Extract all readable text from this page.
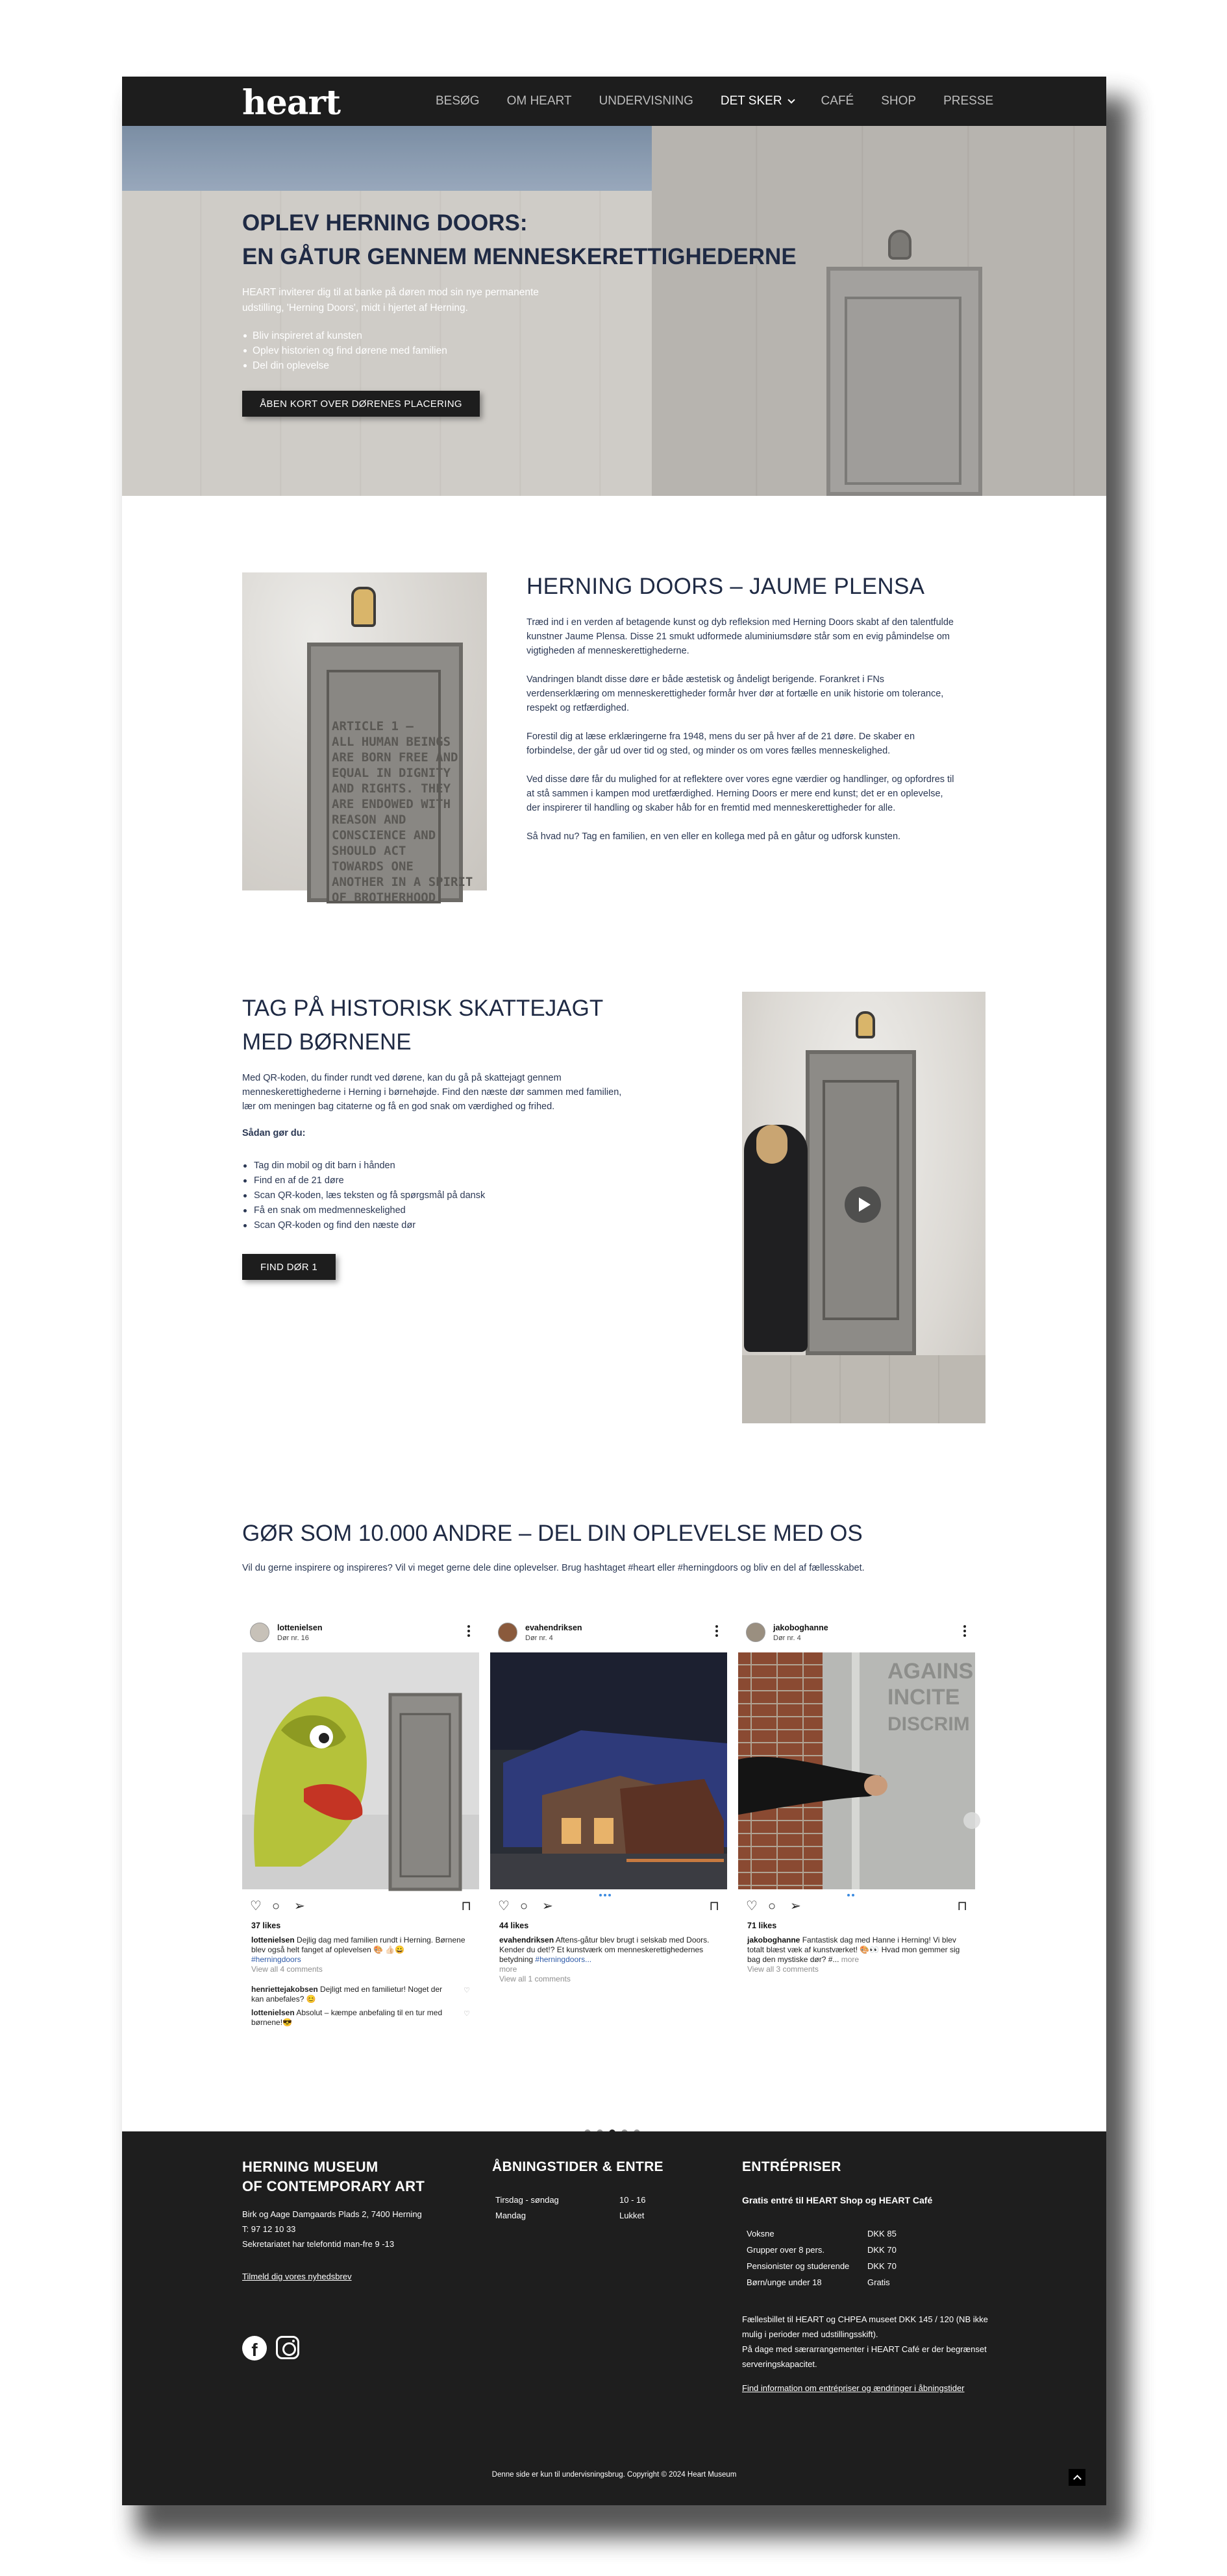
heart	BESØG OM HEART UNDERVISNING DET SKER	CAFÉ SHOP PRESSE
OPLEV HERNING DOORS:
EN GÅTUR GENNEM MENNESKERETTIGHEDERNE
HEART inviterer dig til at banke på døren mod sin nye permanente udstilling, 'Herning Doors', midt i hjertet af Herning.
Bliv inspireret af kunsten
Oplev historien og find dørene med familien
Del din oplevelse
ÅBEN KORT OVER DØRENES PLACERING
ARTICLE 1 –
ALL HUMAN BEINGS
ARE BORN FREE AND
EQUAL IN DIGNITY
AND RIGHTS. THEY
ARE ENDOWED WITH
REASON AND
CONSCIENCE AND
SHOULD ACT
TOWARDS ONE
ANOTHER IN A SPIRIT
OF BROTHERHOOD.
HERNING DOORS – JAUME PLENSA

Træd ind i en verden af betagende kunst og dyb refleksion med Herning Doors skabt af den talentfulde kunstner Jaume Plensa. Disse 21 smukt udformede aluminiumsdøre står som en evig påmindelse om vigtigheden af menneskerettighederne.

Vandringen blandt disse døre er både æstetisk og åndeligt berigende. Forankret i FNs verdenserklæring om menneskerettigheder formår hver dør at fortælle en unik historie om tolerance, respekt og retfærdighed.

Forestil dig at læse erklæringerne fra 1948, mens du ser på hver af de 21 døre. De skaber en forbindelse, der går ud over tid og sted, og minder os om vores fælles menneskelighed.

Ved disse døre får du mulighed for at reflektere over vores egne værdier og handlinger, og opfordres til at stå sammen i kampen mod uretfærdighed. Herning Doors er mere end kunst; det er en oplevelse, der inspirerer til handling og skaber håb for en fremtid med menneskerettigheder for alle.

Så hvad nu? Tag en familien, en ven eller en kollega med på en gåtur og udforsk kunsten.

TAG PÅ HISTORISK SKATTEJAGT
MED BØRNENE
Med QR-koden, du finder rundt ved dørene, kan du gå på skattejagt gennem menneskerettighederne i Herning i børnehøjde. Find den næste dør sammen med familien, lær om meningen bag citaterne og få en god snak om værdighed og frihed.
Sådan gør du:
Tag din mobil og dit barn i hånden
Find en af de 21 døre
Scan QR-koden, læs teksten og få spørgsmål på dansk
Få en snak om medmenneskelighed
Scan QR-koden og find den næste dør
FIND DØR 1
GØR SOM 10.000 ANDRE – DEL DIN OPLEVELSE MED OS
Vil du gerne inspirere og inspireres? Vil vi meget gerne dele dine oplevelser. Brug hashtaget #heart eller #herningdoors og bliv en del af fællesskabet.
lottenielsen
Dør nr. 16
♡ ○ ➢	⊓
37 likes
lottenielsen Dejlig dag med familien rundt i Herning. Børnene blev også helt fanget af oplevelsen 🎨 👍🏻😀
#herningdoors
View all 4 comments
henriettejakobsen Dejligt med en familietur! Noget der kan anbefales? 😊
♡
lottenielsen Absolut – kæmpe anbefaling til en tur med børnene!😎
♡
evahendriksen
Dør nr. 4
♡ ○ ➢	⊓
44 likes
evahendriksen Aftens-gåtur blev brugt i selskab med Doors. Kender du det!? Et kunstværk om menneskerettighedernes betydning #herningdoors...
more
View all 1 comments
jakoboghanne
Dør nr. 4
AGAINS
INCITE
DISCRIM
♡ ○ ➢	⊓
71 likes
jakoboghanne Fantastisk dag med Hanne i Herning! Vi blev totalt blæst væk af kunstværket! 🎨👀 Hvad mon gemmer sig bag den mystiske dør? #... more
View all 3 comments
HERNING MUSEUM
OF CONTEMPORARY ART
Birk og Aage Damgaards Plads 2, 7400 Herning
T: 97 12 10 33
Sekretariatet har telefontid man-fre 9 -13
Tilmeld dig vores nyhedsbrev
f
ÅBNINGSTIDER & ENTRE
Tirsdag - søndag	10 - 16
Mandag	Lukket
ENTRÉPRISER
Gratis entré til HEART Shop og HEART Café
Voksne	DKK 85
Grupper over 8 pers.	DKK 70
Pensionister og studerende DKK 70
Børn/unge under 18	Gratis
Fællesbillet til HEART og CHPEA museet DKK 145 / 120 (NB ikke mulig i perioder med udstillingsskift).
På dage med særarrangementer i HEART Café er der begrænset serveringskapacitet.
Find information om entrépriser og ændringer i åbningstider
Denne side er kun til undervisningsbrug. Copyright © 2024 Heart Museum
